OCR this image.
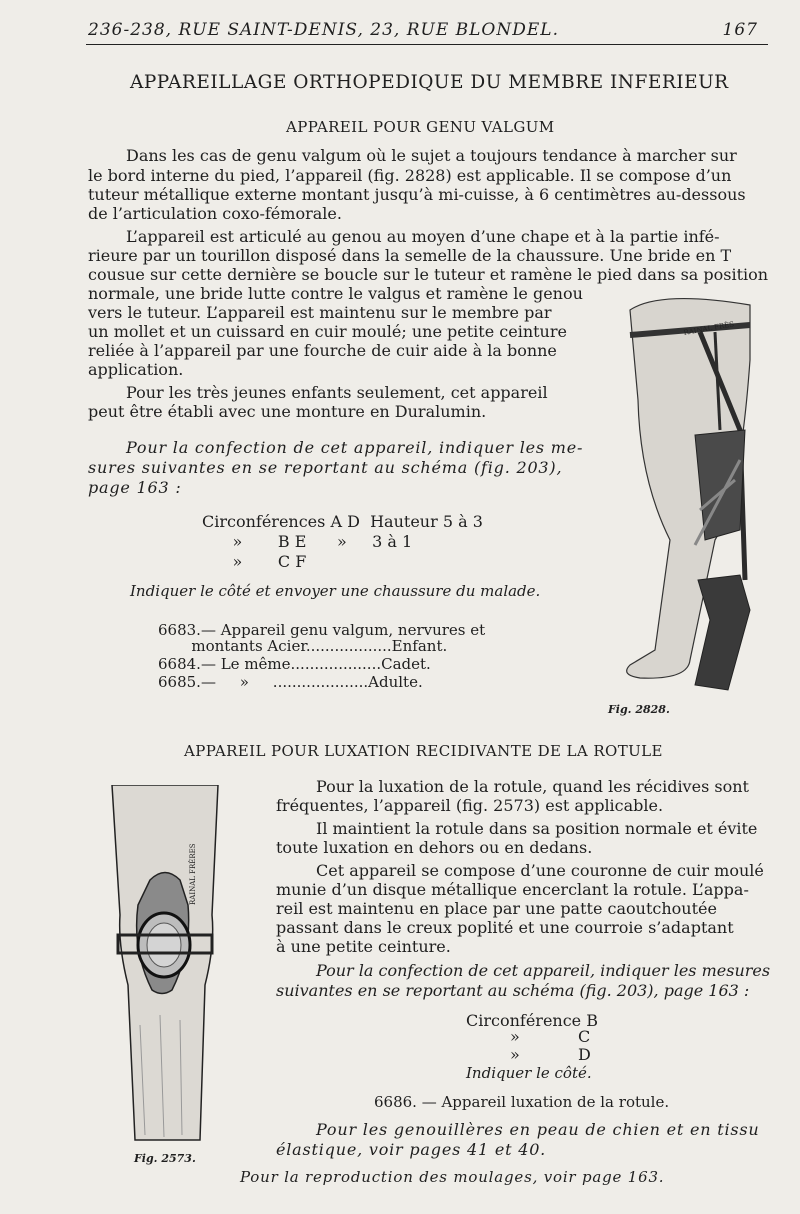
236-238, RUE SAINT-DENIS, 23, RUE BLONDEL.	167
APPAREILLAGE ORTHOPEDIQUE DU MEMBRE INFERIEUR
APPAREIL POUR GENU VALGUM

Dans les cas de genu valgum où le sujet a toujours tendance à marcher sur

le bord interne du pied, l’appareil (fig. 2828) est applicable. Il se compose d’un

tuteur métallique externe montant jusqu’à mi-cuisse, à 6 centimètres au-dessous

de l’articulation coxo-fémorale.

L’appareil est articulé au genou au moyen d’une chape et à la partie infé-

rieure par un tourillon disposé dans la semelle de la chaussure. Une bride en T

cousue sur cette dernière se boucle sur le tuteur et ramène le pied dans sa position

normale, une bride lutte contre le valgus et ramène le genou

vers le tuteur. L’appareil est maintenu sur le membre par

un mollet et un cuissard en cuir moulé; une petite ceinture

reliée à l’appareil par une fourche de cuir aide à la bonne

application.

Pour les très jeunes enfants seulement, cet appareil

peut être établi avec une monture en Duralumin.

Pour la confection de cet appareil, indiquer les me-

sures suivantes en se reportant au schéma (fig. 203),

page 163 :

Circonférences A D  Hauteur 5 à 3
»       B E      »     3 à 1
»       C F

Indiquer le côté et envoyer une chaussure du malade.

6683.— Appareil genu valgum, nervures et
montants Acier..................Enfant.
6684.— Le même...................Cadet.
6685.—     »     ....................Adulte.
RAINAL FRÈS
Fig. 2828.
APPAREIL POUR LUXATION RECIDIVANTE DE LA ROTULE

Pour la luxation de la rotule, quand les récidives sont

fréquentes, l’appareil (fig. 2573) est applicable.

Il maintient la rotule dans sa position normale et évite

toute luxation en dehors ou en dedans.

Cet appareil se compose d’une couronne de cuir moulé

munie d’un disque métallique encerclant la rotule. L’appa-

reil est maintenu en place par une patte caoutchoutée

passant dans le creux poplité et une courroie s’adaptant

à une petite ceinture.

Pour la confection de cet appareil, indiquer les mesures

suivantes en se reportant au schéma (fig. 203), page 163 :

Circonférence B
»	C
»	D

Indiquer le côté.

6686. — Appareil luxation de la rotule.
RAINAL FRÈRES
Fig. 2573.

Pour les genouillères en peau de chien et en tissu

élastique, voir pages 41 et 40.

Pour la reproduction des moulages, voir page 163.
